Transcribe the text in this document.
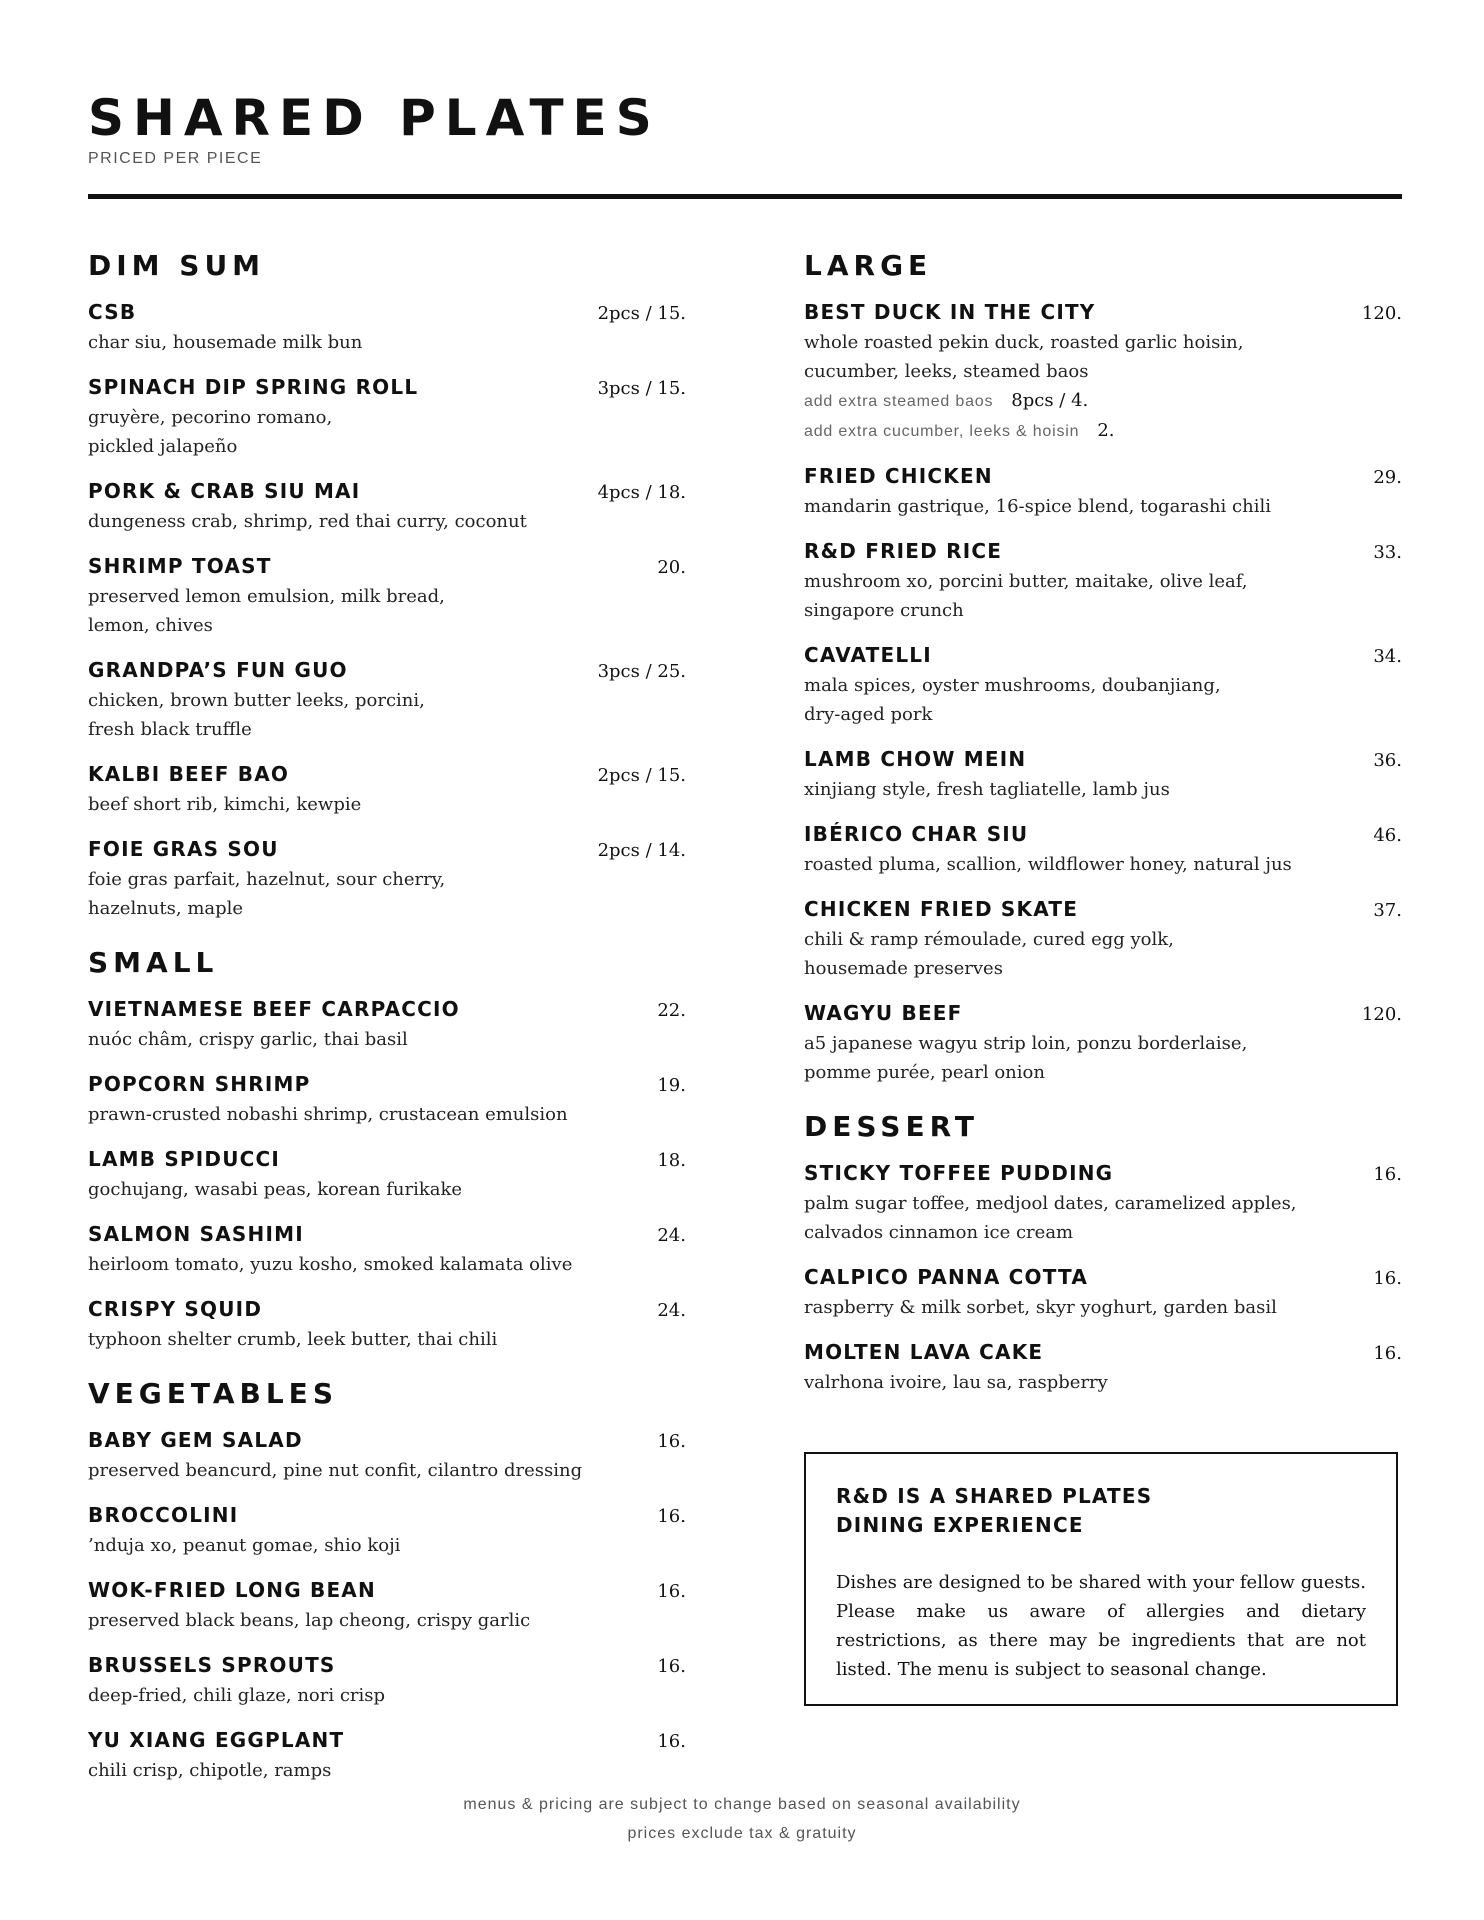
SHARED PLATES
PRICED PER PIECE
DIM SUM
CSB	2pcs / 15.
char siu, housemade milk bun
SPINACH DIP SPRING ROLL	3pcs / 15.
gruyère, pecorino romano,
pickled jalapeño
PORK & CRAB SIU MAI	4pcs / 18.
dungeness crab, shrimp, red thai curry, coconut
SHRIMP TOAST	20.
preserved lemon emulsion, milk bread,
lemon, chives
GRANDPA’S FUN GUO	3pcs / 25.
chicken, brown butter leeks, porcini,
fresh black truffle
KALBI BEEF BAO	2pcs / 15.
beef short rib, kimchi, kewpie
FOIE GRAS SOU	2pcs / 14.
foie gras parfait, hazelnut, sour cherry,
hazelnuts, maple
SMALL
VIETNAMESE BEEF CARPACCIO	22.
nuóc châm, crispy garlic, thai basil
POPCORN SHRIMP	19.
prawn-crusted nobashi shrimp, crustacean emulsion
LAMB SPIDUCCI	18.
gochujang, wasabi peas, korean furikake
SALMON SASHIMI	24.
heirloom tomato, yuzu kosho, smoked kalamata olive
CRISPY SQUID	24.
typhoon shelter crumb, leek butter, thai chili
VEGETABLES
BABY GEM SALAD	16.
preserved beancurd, pine nut confit, cilantro dressing
BROCCOLINI	16.
’nduja xo, peanut gomae, shio koji
WOK-FRIED LONG BEAN	16.
preserved black beans, lap cheong, crispy garlic
BRUSSELS SPROUTS	16.
deep-fried, chili glaze, nori crisp
YU XIANG EGGPLANT	16.
chili crisp, chipotle, ramps
LARGE
BEST DUCK IN THE CITY	120.
whole roasted pekin duck, roasted garlic hoisin,
cucumber, leeks, steamed baos
add extra steamed baos 8pcs / 4.
add extra cucumber, leeks & hoisin 2.
FRIED CHICKEN	29.
mandarin gastrique, 16-spice blend, togarashi chili
R&D FRIED RICE	33.
mushroom xo, porcini butter, maitake, olive leaf,
singapore crunch
CAVATELLI	34.
mala spices, oyster mushrooms, doubanjiang,
dry-aged pork
LAMB CHOW MEIN	36.
xinjiang style, fresh tagliatelle, lamb jus
IBÉRICO CHAR SIU	46.
roasted pluma, scallion, wildflower honey, natural jus
CHICKEN FRIED SKATE	37.
chili & ramp rémoulade, cured egg yolk,
housemade preserves
WAGYU BEEF	120.
a5 japanese wagyu strip loin, ponzu borderlaise,
pomme purée, pearl onion
DESSERT
STICKY TOFFEE PUDDING	16.
palm sugar toffee, medjool dates, caramelized apples,
calvados cinnamon ice cream
CALPICO PANNA COTTA	16.
raspberry & milk sorbet, skyr yoghurt, garden basil
MOLTEN LAVA CAKE	16.
valrhona ivoire, lau sa, raspberry
R&D IS A SHARED PLATES DINING EXPERIENCE
Dishes are designed to be shared with your fellow guests. Please make us aware of allergies and dietary restrictions, as there may be ingredients that are not listed. The menu is subject to seasonal change.
menus & pricing are subject to change based on seasonal availability
prices exclude tax & gratuity
